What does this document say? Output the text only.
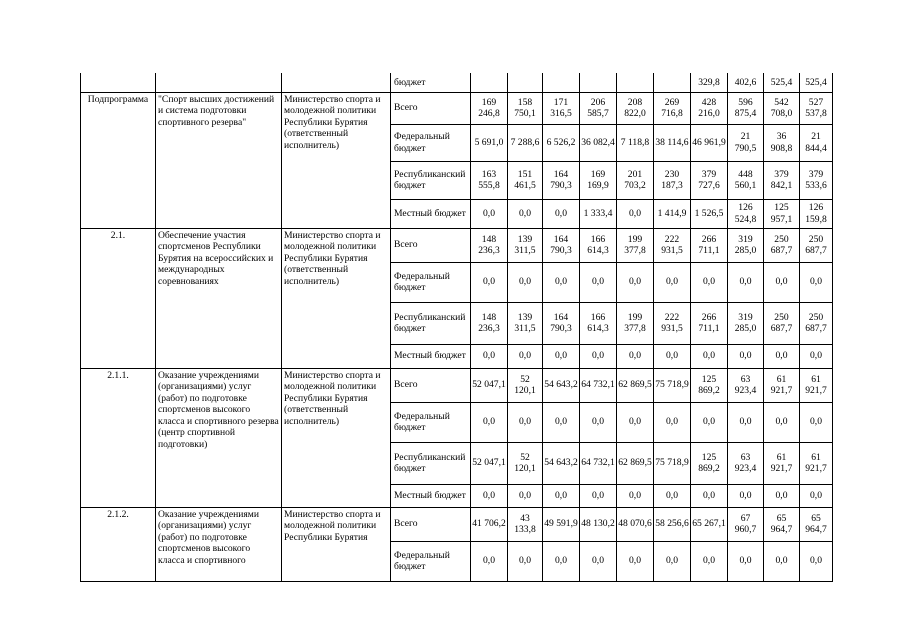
			бюджет							329,8	402,6	525,4	525,4
Подпрограмма	"Спорт высших достижений и система подготовки спортивного резерва"	Министерство спорта и молодежной политики Республики Бурятия (ответственный исполнитель)	Всего	169 246,8	158 750,1	171 316,5	206 585,7	208 822,0	269 716,8	428 216,0	596 875,4	542 708,0	527 537,8
			Федеральный бюджет	5 691,0	7 288,6	6 526,2	36 082,4	7 118,8	38 114,6	46 961,9	21 790,5	36 908,8	21 844,4
			Республиканский бюджет	163 555,8	151 461,5	164 790,3	169 169,9	201 703,2	230 187,3	379 727,6	448 560,1	379 842,1	379 533,6
			Местный бюджет	0,0	0,0	0,0	1 333,4	0,0	1 414,9	1 526,5	126 524,8	125 957,1	126 159,8
2.1.	Обеспечение участия спортсменов Республики Бурятия на всероссийских и международных соревнованиях	Министерство спорта и молодежной политики Республики Бурятия (ответственный исполнитель)	Всего	148 236,3	139 311,5	164 790,3	166 614,3	199 377,8	222 931,5	266 711,1	319 285,0	250 687,7	250 687,7
			Федеральный бюджет	0,0	0,0	0,0	0,0	0,0	0,0	0,0	0,0	0,0	0,0
			Республиканский бюджет	148 236,3	139 311,5	164 790,3	166 614,3	199 377,8	222 931,5	266 711,1	319 285,0	250 687,7	250 687,7
			Местный бюджет	0,0	0,0	0,0	0,0	0,0	0,0	0,0	0,0	0,0	0,0
2.1.1.	Оказание учреждениями (организациями) услуг (работ) по подготовке спортсменов высокого класса и спортивного резерва (центр спортивной подготовки)	Министерство спорта и молодежной политики Республики Бурятия (ответственный исполнитель)	Всего	52 047,1	52 120,1	54 643,2	64 732,1	62 869,5	75 718,9	125 869,2	63 923,4	61 921,7	61 921,7
			Федеральный бюджет	0,0	0,0	0,0	0,0	0,0	0,0	0,0	0,0	0,0	0,0
			Республиканский бюджет	52 047,1	52 120,1	54 643,2	64 732,1	62 869,5	75 718,9	125 869,2	63 923,4	61 921,7	61 921,7
			Местный бюджет	0,0	0,0	0,0	0,0	0,0	0,0	0,0	0,0	0,0	0,0
2.1.2.	Оказание учреждениями (организациями) услуг (работ) по подготовке спортсменов высокого класса и спортивного	Министерство спорта и молодежной политики Республики Бурятия	Всего	41 706,2	43 133,8	49 591,9	48 130,2	48 070,6	58 256,6	65 267,1	67 960,7	65 964,7	65 964,7
			Федеральный бюджет	0,0	0,0	0,0	0,0	0,0	0,0	0,0	0,0	0,0	0,0
